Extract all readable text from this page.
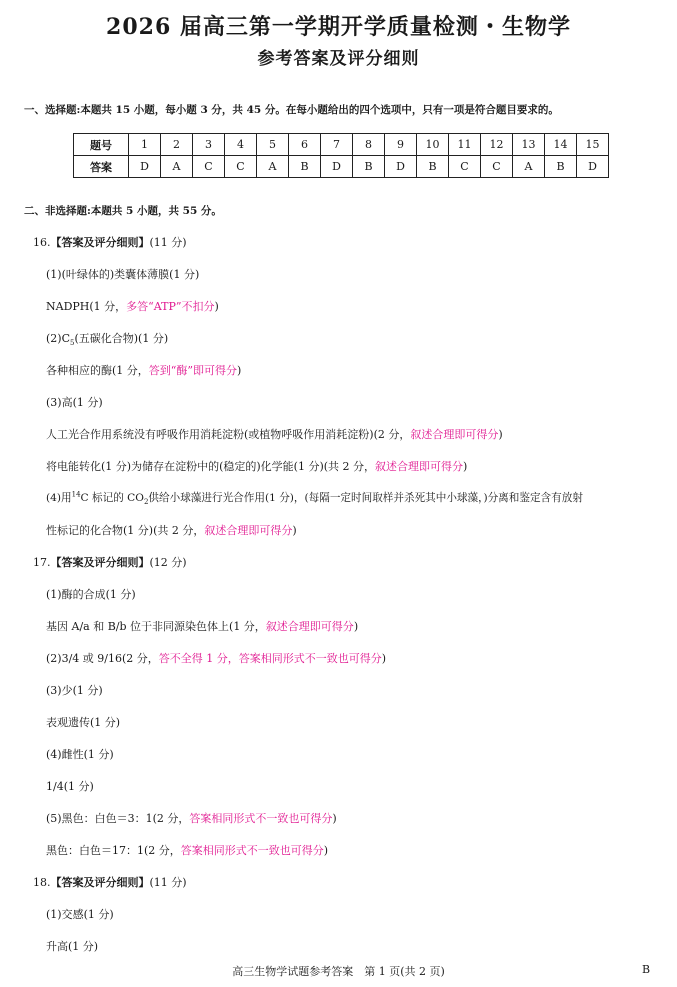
2026 届高三第一学期开学质量检测・生物学
参考答案及评分细则
一、选择题:本题共 15 小题，每小题 3 分，共 45 分。在每小题给出的四个选项中，只有一项是符合题目要求的。
题号	1	2	3	4	5	6	7	8	9	10	11	12	13	14	15
答案	D	A	C	C	A	B	D	B	D	B	C	C	A	B	D
二、非选择题:本题共 5 小题，共 55 分。
16.【答案及评分细则】(11 分)
(1)(叶绿体的)类囊体薄膜(1 分)
NADPH(1 分，多答“ATP”不扣分)
$(2)C_5$(五碳化合物)(1 分)
各种相应的酶(1 分，答到“酶”即可得分)
(3)高(1 分)
人工光合作用系统没有呼吸作用消耗淀粉(或植物呼吸作用消耗淀粉)(2 分，叙述合理即可得分)
将电能转化(1 分)为储存在淀粉中的(稳定的)化学能(1 分)(共 2 分，叙述合理即可得分)
(4)用$^{14}$C 标记的 $CO_2$供给小球藻进行光合作用(1 分)，(每隔一定时间取样并杀死其中小球藻，)分离和鉴定含有放射
性标记的化合物(1 分)(共 2 分，叙述合理即可得分)
17.【答案及评分细则】(12 分)
(1)酶的合成(1 分)
基因 A/a 和 B/b 位于非同源染色体上(1 分，叙述合理即可得分)
(2)3/4 或 9/16(2 分，答不全得 1 分，答案相同形式不一致也可得分)
(3)少(1 分)
表观遗传(1 分)
(4)雌性(1 分)
1/4(1 分)
(5)黑色：白色＝3：1(2 分，答案相同形式不一致也可得分)
黑色：白色＝17：1(2 分，答案相同形式不一致也可得分)
18.【答案及评分细则】(11 分)
(1)交感(1 分)
升高(1 分)
高三生物学试题参考答案　第 1 页(共 2 页)	B
